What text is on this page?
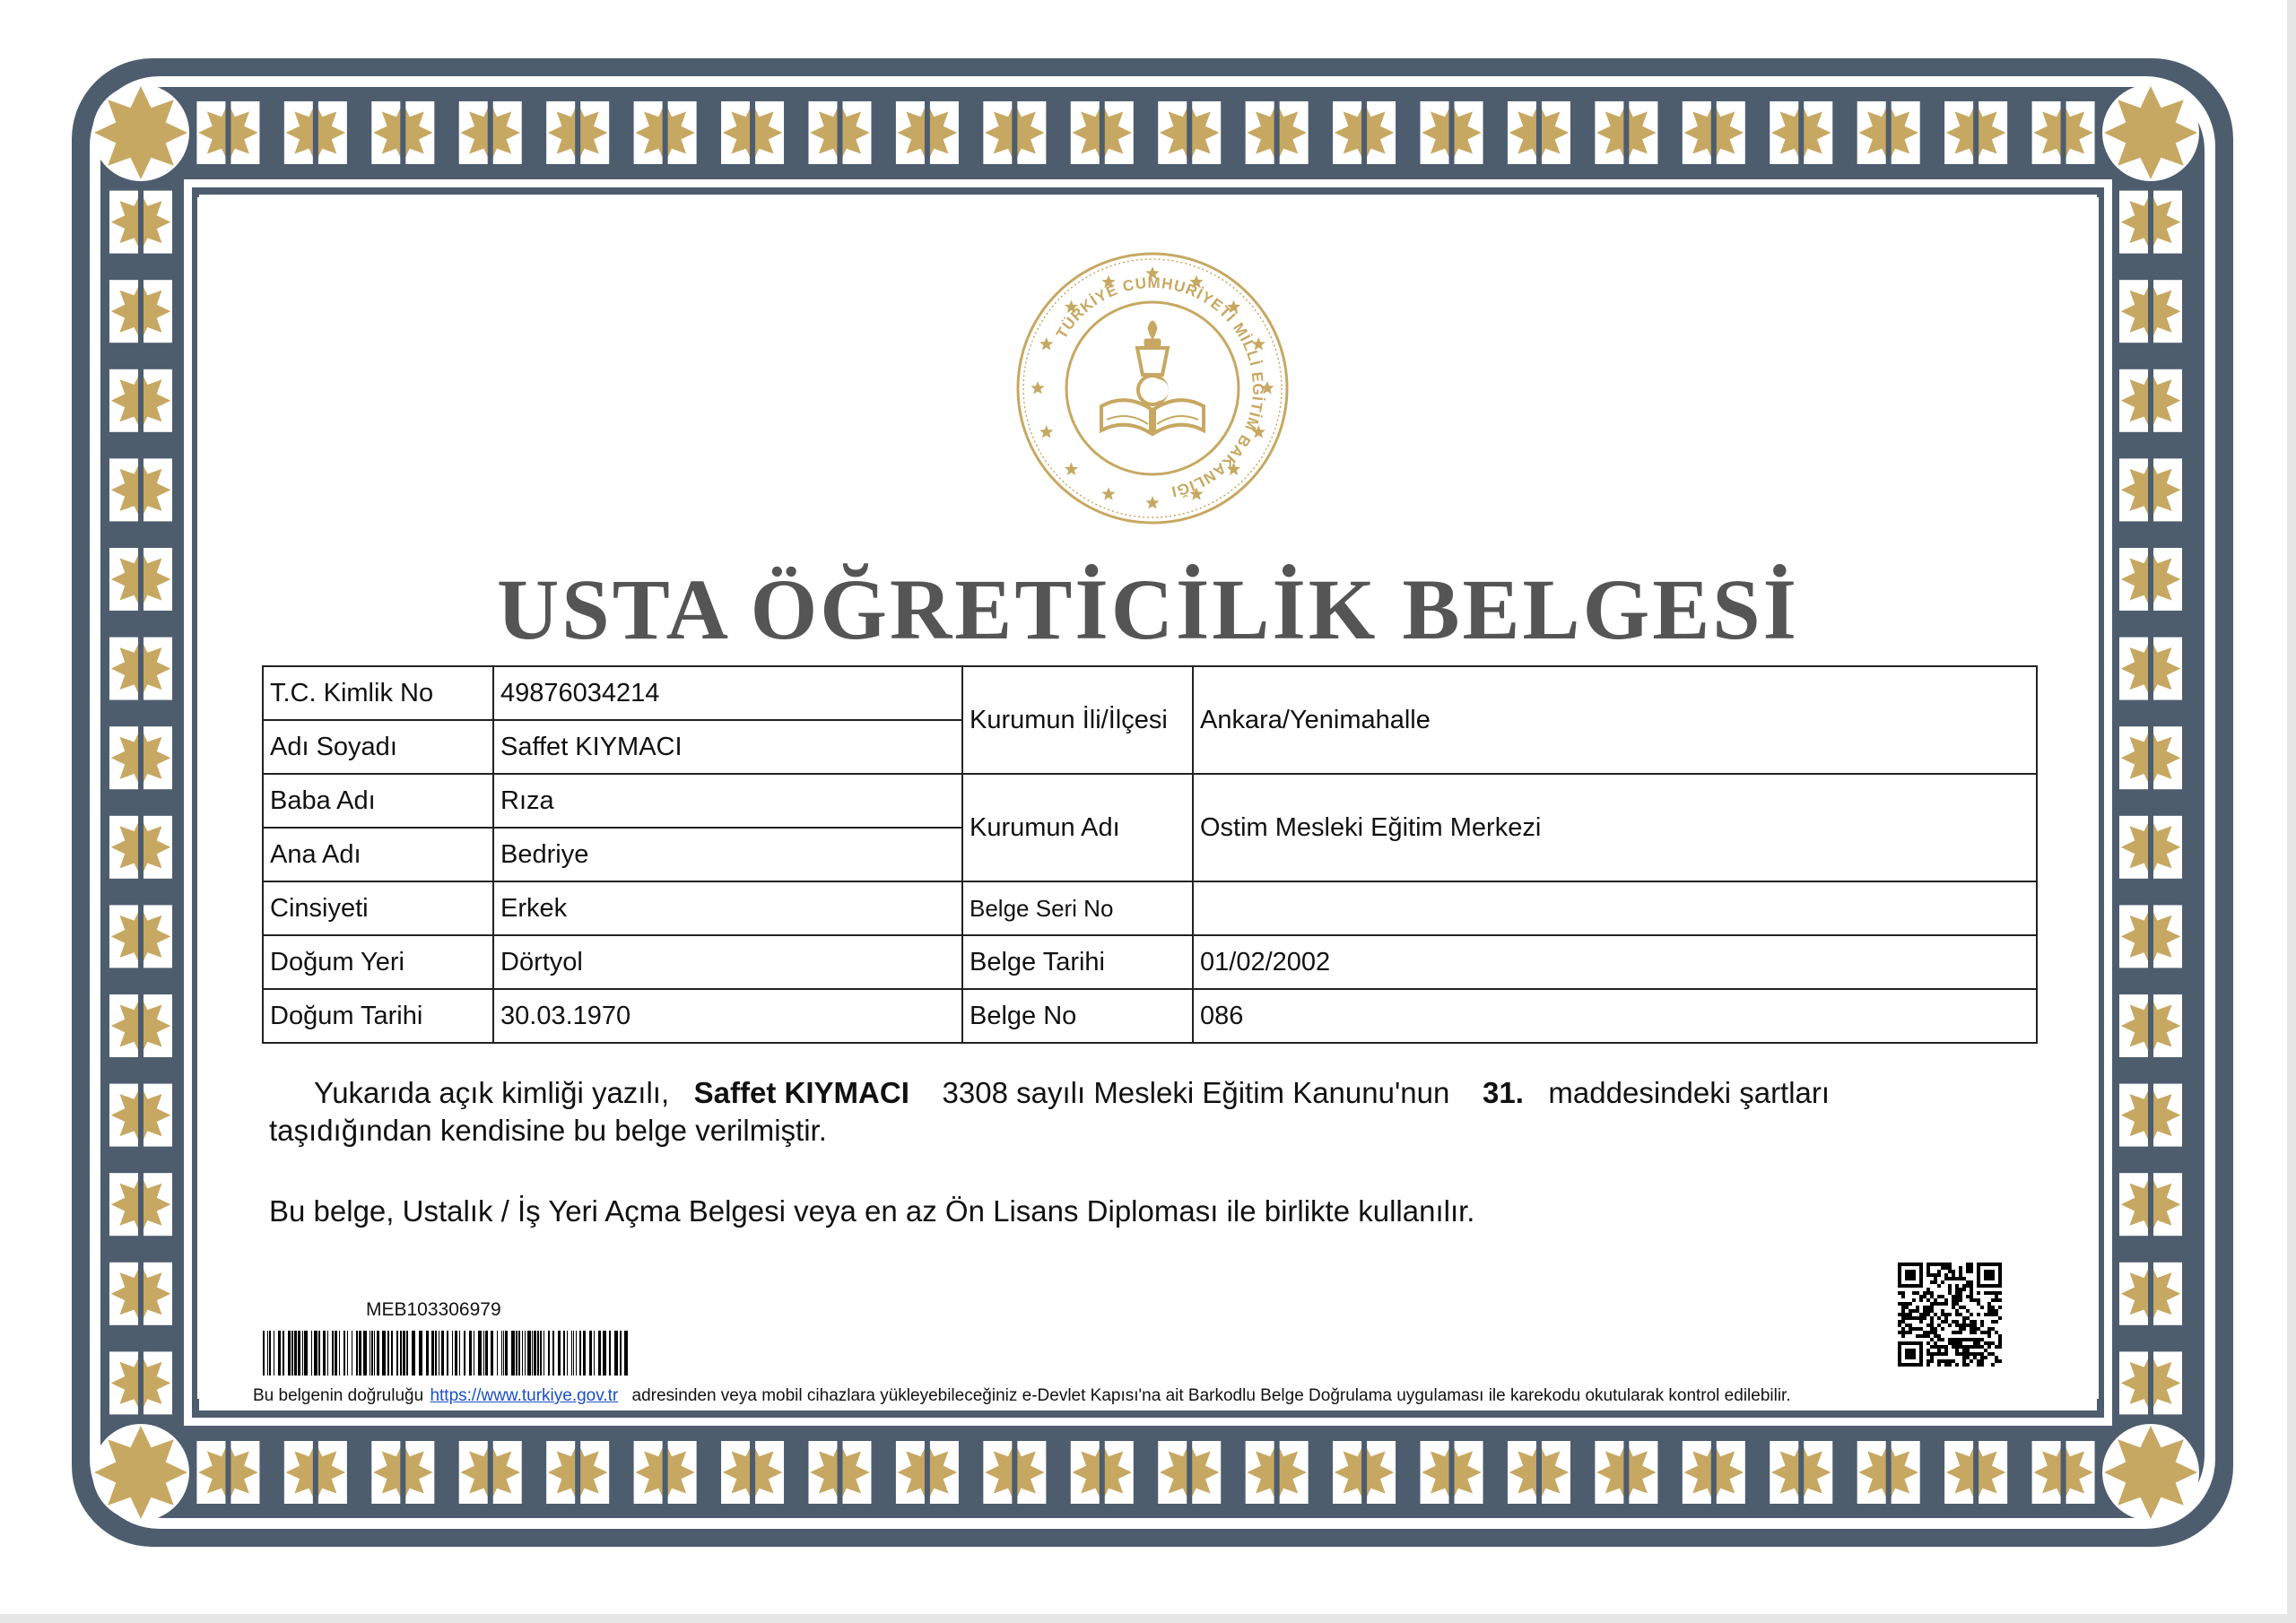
TÜRKİYE CUMHURİYETİ MİLLİ EĞİTİM BAKANLIĞI
USTA ÖĞRETİCİLİK BELGESİ
T.C. Kimlik No	49876034214	Kurumun İli/İlçesi	Ankara/Yenimahalle
Adı Soyadı	Saffet KIYMACI		
Baba Adı	Rıza	Kurumun Adı	Ostim Mesleki Eğitim Merkezi
Ana Adı	Bedriye		
Cinsiyeti	Erkek	Belge Seri No	
Doğum Yeri	Dörtyol	Belge Tarihi	01/02/2002
Doğum Tarihi	30.03.1970	Belge No	086
Yukarıda açık kimliği yazılı, Saffet KIYMACI 3308 sayılı Mesleki Eğitim Kanunu'nun 31. maddesindeki şartları
taşıdığından kendisine bu belge verilmiştir.
Bu belge, Ustalık / İş Yeri Açma Belgesi veya en az Ön Lisans Diploması ile birlikte kullanılır.
MEB103306979
Bu belgenin doğruluğu https://www.turkiye.gov.tr adresinden veya mobil cihazlara yükleyebileceğiniz e-Devlet Kapısı'na ait Barkodlu Belge Doğrulama uygulaması ile karekodu okutularak kontrol edilebilir.
